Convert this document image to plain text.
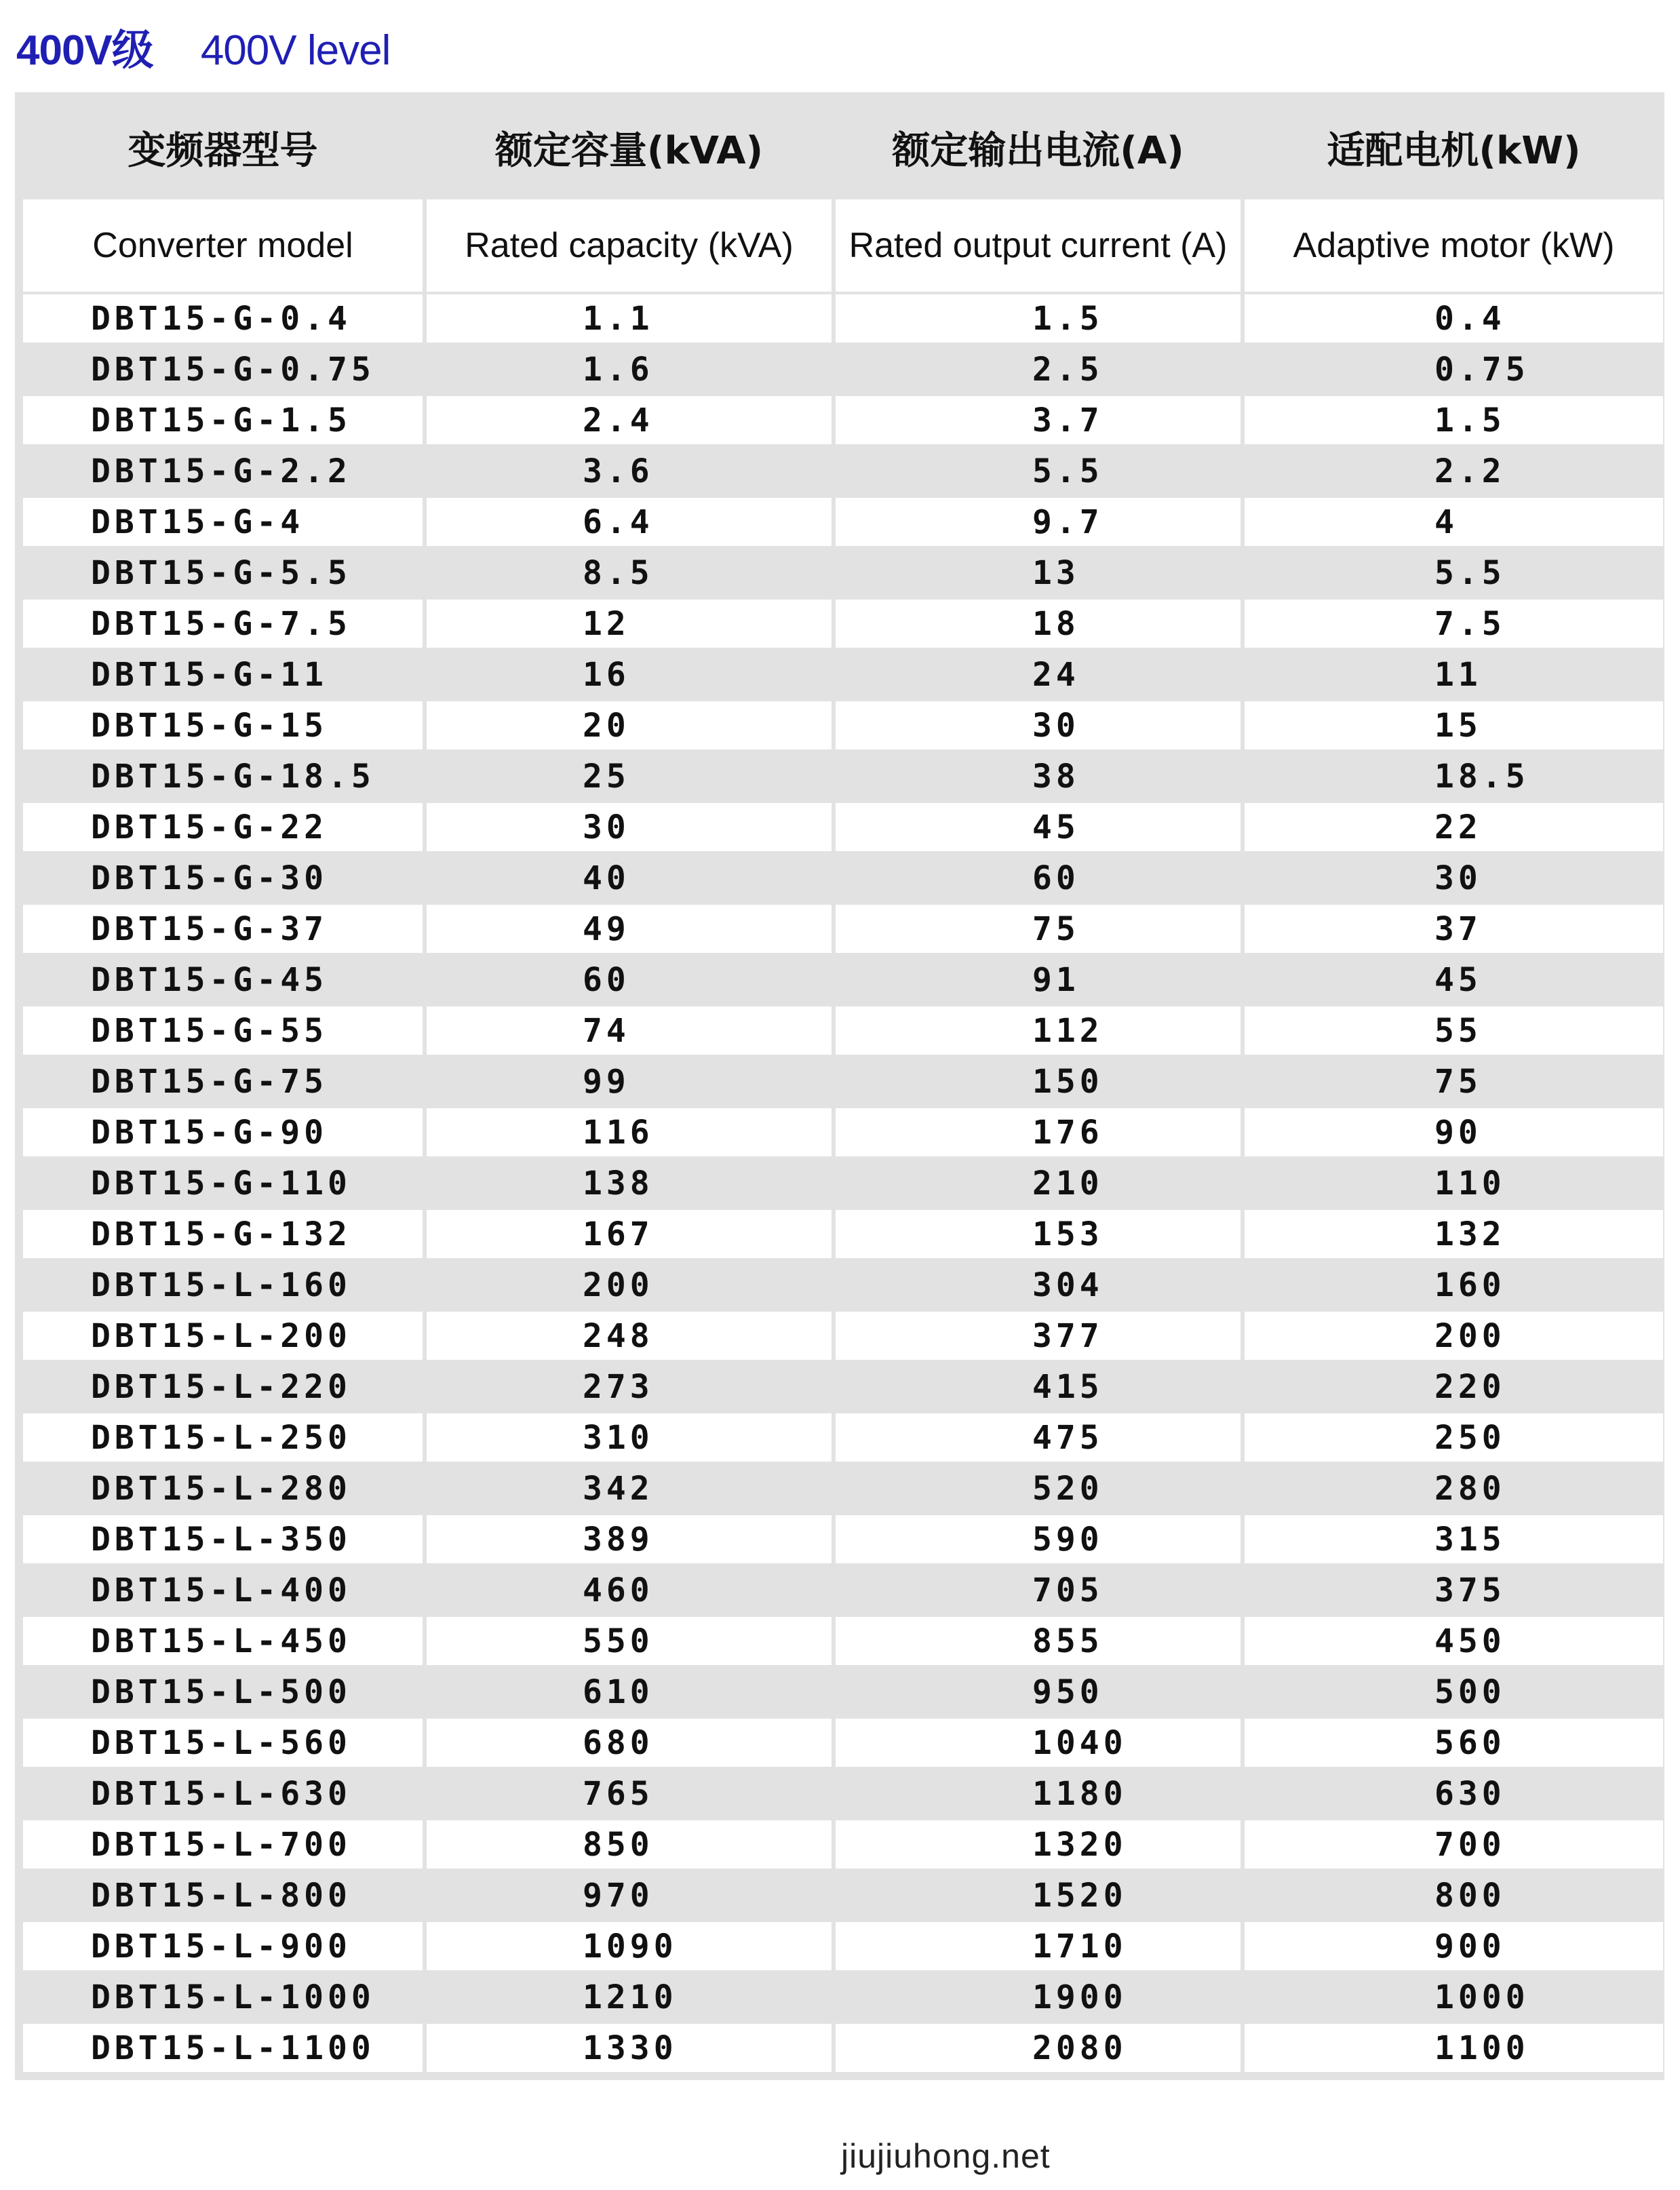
400V级 400V level
变频器型号	额定容量(kVA)	额定输出电流(A)	适配电机(kW)
Converter model	Rated capacity (kVA)	Rated output current (A)	Adaptive motor (kW)
DBT15-G-0.4	1.1	1.5	0.4
DBT15-G-0.75	1.6	2.5	0.75
DBT15-G-1.5	2.4	3.7	1.5
DBT15-G-2.2	3.6	5.5	2.2
DBT15-G-4	6.4	9.7	4
DBT15-G-5.5	8.5	13	5.5
DBT15-G-7.5	12	18	7.5
DBT15-G-11	16	24	11
DBT15-G-15	20	30	15
DBT15-G-18.5	25	38	18.5
DBT15-G-22	30	45	22
DBT15-G-30	40	60	30
DBT15-G-37	49	75	37
DBT15-G-45	60	91	45
DBT15-G-55	74	112	55
DBT15-G-75	99	150	75
DBT15-G-90	116	176	90
DBT15-G-110	138	210	110
DBT15-G-132	167	153	132
DBT15-L-160	200	304	160
DBT15-L-200	248	377	200
DBT15-L-220	273	415	220
DBT15-L-250	310	475	250
DBT15-L-280	342	520	280
DBT15-L-350	389	590	315
DBT15-L-400	460	705	375
DBT15-L-450	550	855	450
DBT15-L-500	610	950	500
DBT15-L-560	680	1040	560
DBT15-L-630	765	1180	630
DBT15-L-700	850	1320	700
DBT15-L-800	970	1520	800
DBT15-L-900	1090	1710	900
DBT15-L-1000	1210	1900	1000
DBT15-L-1100	1330	2080	1100
jiujiuhong.net
